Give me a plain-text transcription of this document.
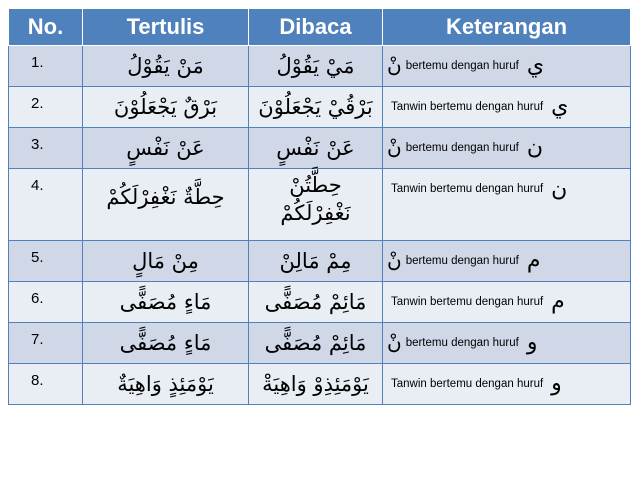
No.	Tertulis	Dibaca	Keterangan

1.	مَنْ يَقُوْلُ	مَيْ يَقُوْلُ	نْ bertemu dengan huruf ي

2.	بَرْقٌ يَجْعَلُوْنَ	بَرْقُيْ يَجْعَلُوْنَ	Tanwin bertemu dengan huruf ي

3.	عَنْ نَفْسٍ	عَنْ نَفْسٍ	نْ bertemu dengan huruf ن

4.	حِطَّةٌ نَغْفِرْلَكُمْ	حِطَّتُنْ نَغْفِرْلَكُمْ	Tanwin bertemu dengan huruf ن

5.	مِنْ مَالٍ	مِمْ مَالِنْ	نْ bertemu dengan huruf م

6.	مَاءٍ مُصَفًّى	مَائِمْ مُصَفًّى	Tanwin bertemu dengan huruf م

7.	مَاءٍ مُصَفًّى	مَائِمْ مُصَفًّى	نْ bertemu dengan huruf و

8.	يَوْمَئِذٍ وَاهِيَةٌ	يَوْمَئِذِوْ وَاهِيَةْ	Tanwin bertemu dengan huruf و
